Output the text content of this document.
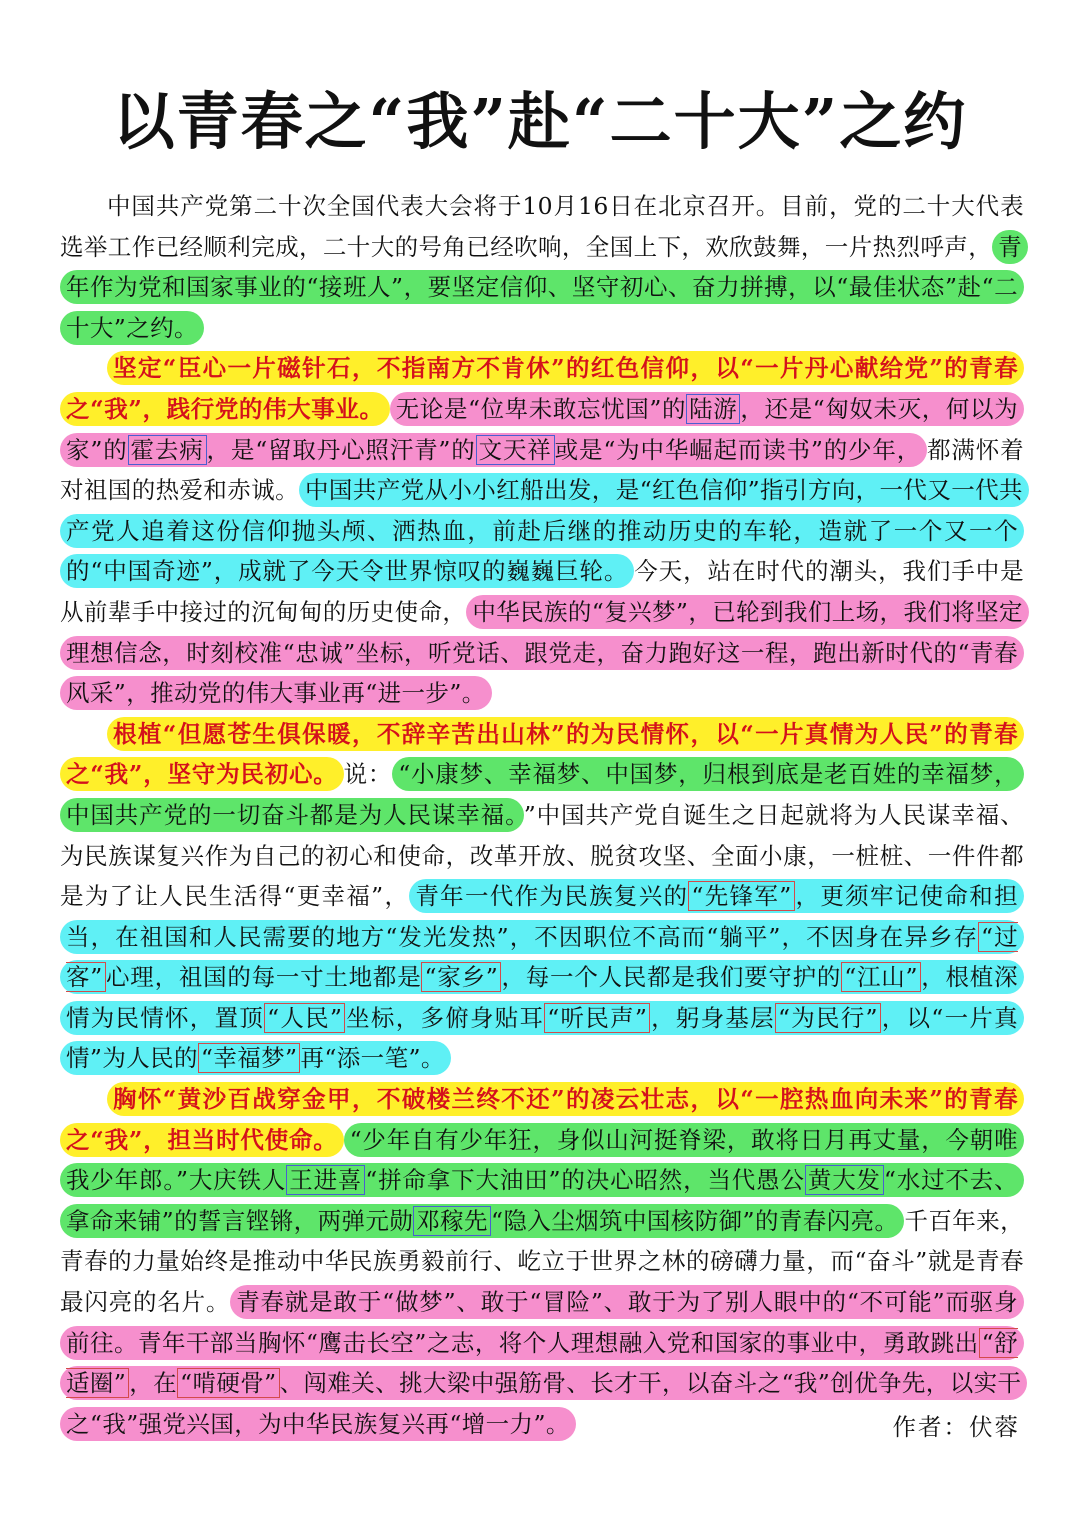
以青春之“我”赴“二十大”之约

中国共产党第二十次全国代表大会将于10月16日在北京召开。目前，党的二十大代表选举工作已经顺利完成，二十大的号角已经吹响，全国上下，欢欣鼓舞，一片热烈呼声， 青年作为党和国家事业的“接班人”，要坚定信仰、坚守初心、奋力拼搏，以“最佳状态”赴“二十大”之约。

坚定“臣心一片磁针石，不指南方不肯休”的红色信仰，以“一片丹心献给党”的青春之“我”，践行党的伟大事业。 无论是“位卑未敢忘忧国”的 陆游 ，还是“匈奴未灭，何以为家”的 霍去病 ，是“留取丹心照汗青”的 文天祥 或是“为中华崛起而读书”的少年， 都满怀着对祖国的热爱和赤诚。 中国共产党从小小红船出发，是“红色信仰”指引方向，一代又一代共产党人追着这份信仰抛头颅、洒热血，前赴后继的推动历史的车轮，造就了一个又一个的“中国奇迹”，成就了今天令世界惊叹的巍巍巨轮。 今天，站在时代的潮头，我们手中是从前辈手中接过的沉甸甸的历史使命， 中华民族的“复兴梦”，已轮到我们上场，我们将坚定理想信念，时刻校准“忠诚”坐标，听党话、跟党走，奋力跑好这一程，跑出新时代的“青春风采”，推动党的伟大事业再“进一步”。

根植“但愿苍生俱保暖，不辞辛苦出山林”的为民情怀，以“一片真情为人民”的青春之“我”，坚守为民初心。 说： “小康梦、幸福梦、中国梦，归根到底是老百姓的幸福梦，中国共产党的一切奋斗都是为人民谋幸福。 ”中国共产党自诞生之日起就将为人民谋幸福、为民族谋复兴作为自己的初心和使命，改革开放、脱贫攻坚、全面小康，一桩桩、一件件都是为了让人民生活得“更幸福”， 青年一代作为民族复兴的 “先锋军” ，更须牢记使命和担当，在祖国和人民需要的地方“发光发热”，不因职位不高而“躺平”，不因身在异乡存 “过客” 心理，祖国的每一寸土地都是 “家乡” ，每一个人民都是我们要守护的 “江山” ，根植深情为民情怀，置顶 “人民” 坐标，多俯身贴耳 “听民声” ，躬身基层 “为民行” ，以“一片真情”为人民的 “幸福梦” 再“添一笔”。

胸怀“黄沙百战穿金甲，不破楼兰终不还”的凌云壮志，以“一腔热血向未来”的青春之“我”，担当时代使命。 “少年自有少年狂，身似山河挺脊梁，敢将日月再丈量，今朝唯我少年郎。”大庆铁人 王进喜 “拼命拿下大油田”的决心昭然，当代愚公 黄大发 “水过不去、拿命来铺”的誓言铿锵，两弹元勋 邓稼先 “隐入尘烟筑中国核防御”的青春闪亮。 千百年来，青春的力量始终是推动中华民族勇毅前行、屹立于世界之林的磅礴力量，而“奋斗”就是青春最闪亮的名片。 青春就是敢于“做梦”、敢于“冒险”、敢于为了别人眼中的“不可能”而驱身前往。青年干部当胸怀“鹰击长空”之志，将个人理想融入党和国家的事业中，勇敢跳出 “舒适圈” ，在 “啃硬骨” 、闯难关、挑大梁中强筋骨、长才干，以奋斗之“我”创优争先，以实干之“我”强党兴国，为中华民族复兴再“增一力”。	作者：伏蓉
